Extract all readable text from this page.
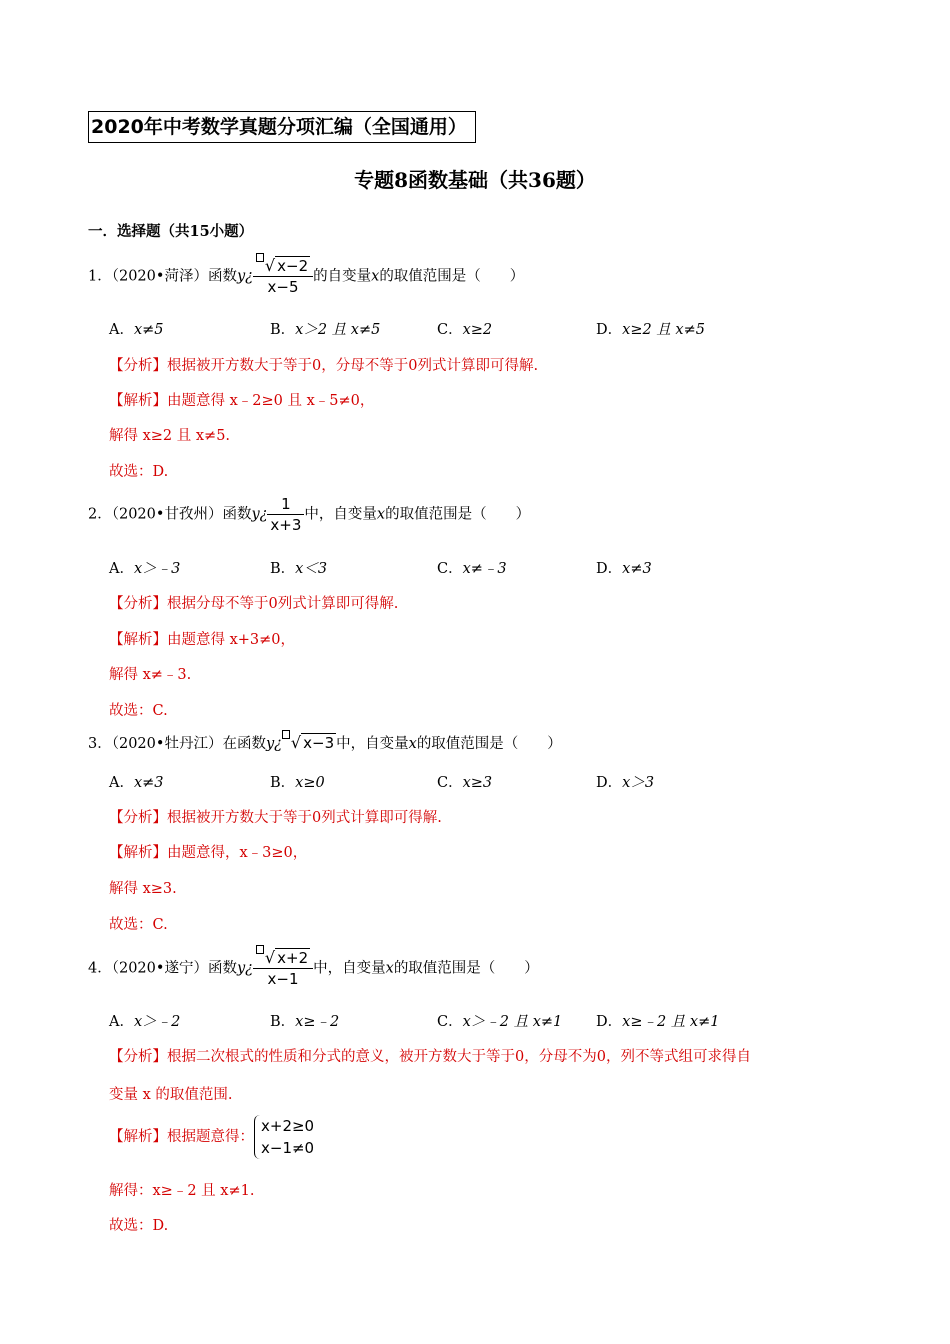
2020年中考数学真题分项汇编（全国通用）
专题8函数基础（共36题）
一．选择题（共15小题）
1．（2020•菏泽）函数y¿ $\frac{√ x-2}{x-5}$ 的自变量x的取值范围是（　　）
A．x≠5	B．x＞2 且 x≠5	C．x≥2	D．x≥2 且 x≠5
【分析】根据被开方数大于等于0，分母不等于0列式计算即可得解.
【解析】由题意得 x﹣2≥0 且 x﹣5≠0，
解得 x≥2 且 x≠5.
故选：D.
2．（2020•甘孜州）函数y¿ $\frac{1}{x+3}$ 中，自变量x的取值范围是（　　）
A．x＞﹣3	B．x＜3	C．x≠﹣3	D．x≠3
【分析】根据分母不等于0列式计算即可得解.
【解析】由题意得 x+3≠0，
解得 x≠﹣3.
故选：C.
3．（2020•牡丹江）在函数y¿ √ x−3 中，自变量x的取值范围是（　　）
A．x≠3	B．x≥0	C．x≥3	D．x＞3
【分析】根据被开方数大于等于0列式计算即可得解.
【解析】由题意得，x﹣3≥0，
解得 x≥3.
故选：C.
4．（2020•遂宁）函数y¿ $\frac{√ x+2}{x-1}$ 中，自变量x的取值范围是（　　）
A．x＞﹣2	B．x≥﹣2	C．x＞﹣2 且 x≠1 D．x≥﹣2 且 x≠1
【分析】根据二次根式的性质和分式的意义，被开方数大于等于0，分母不为0，列不等式组可求得自
变量 x 的取值范围.
【解析】根据题意得：
x+2≥0
x−1≠0
解得：x≥﹣2 且 x≠1.
故选：D.
